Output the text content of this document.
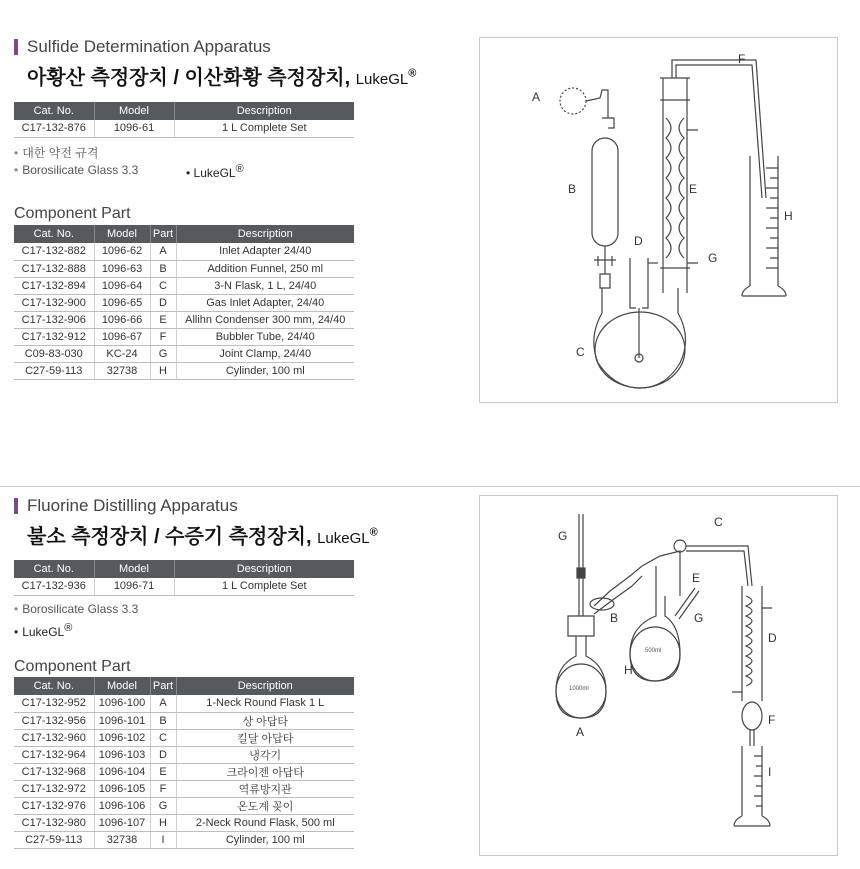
Sulfide Determination Apparatus
아황산 측정장치 / 이산화황 측정장치, LukeGL®
Cat. No.	Model	Description
C17-132-876	1096-61	1 L Complete Set
• 대한 약전 규격
• Borosilicate Glass 3.3	• LukeGL®
Component Part
Cat. No.	Model	Part	Description
C17-132-882	1096-62	A	Inlet Adapter 24/40
C17-132-888	1096-63	B	Addition Funnel, 250 ml
C17-132-894	1096-64	C	3-N Flask, 1 L, 24/40
C17-132-900	1096-65	D	Gas Inlet Adapter, 24/40
C17-132-906	1096-66	E	Allihn Condenser 300 mm, 24/40
C17-132-912	1096-67	F	Bubbler Tube, 24/40
C09-83-030	KC-24	G	Joint Clamp, 24/40
C27-59-113	32738	H	Cylinder, 100 ml
A
B
C
D
E
F
G
H
Fluorine Distilling Apparatus
불소 측정장치 / 수증기 측정장치, LukeGL®
Cat. No.	Model	Description
C17-132-936	1096-71	1 L Complete Set
• Borosilicate Glass 3.3
• LukeGL®
Component Part
Cat. No.	Model	Part	Description
C17-132-952	1096-100	A	1-Neck Round Flask 1 L
C17-132-956	1096-101	B	상 아답타
C17-132-960	1096-102	C	킬달 아답타
C17-132-964	1096-103	D	냉각기
C17-132-968	1096-104	E	크라이젠 아답타
C17-132-972	1096-105	F	역류방지관
C17-132-976	1096-106	G	온도계 꽂이
C17-132-980	1096-107	H	2-Neck Round Flask, 500 ml
C27-59-113	32738	I	Cylinder, 100 ml
G
B
A
C
D
E
F
G
H
I
1000ml
500ml
